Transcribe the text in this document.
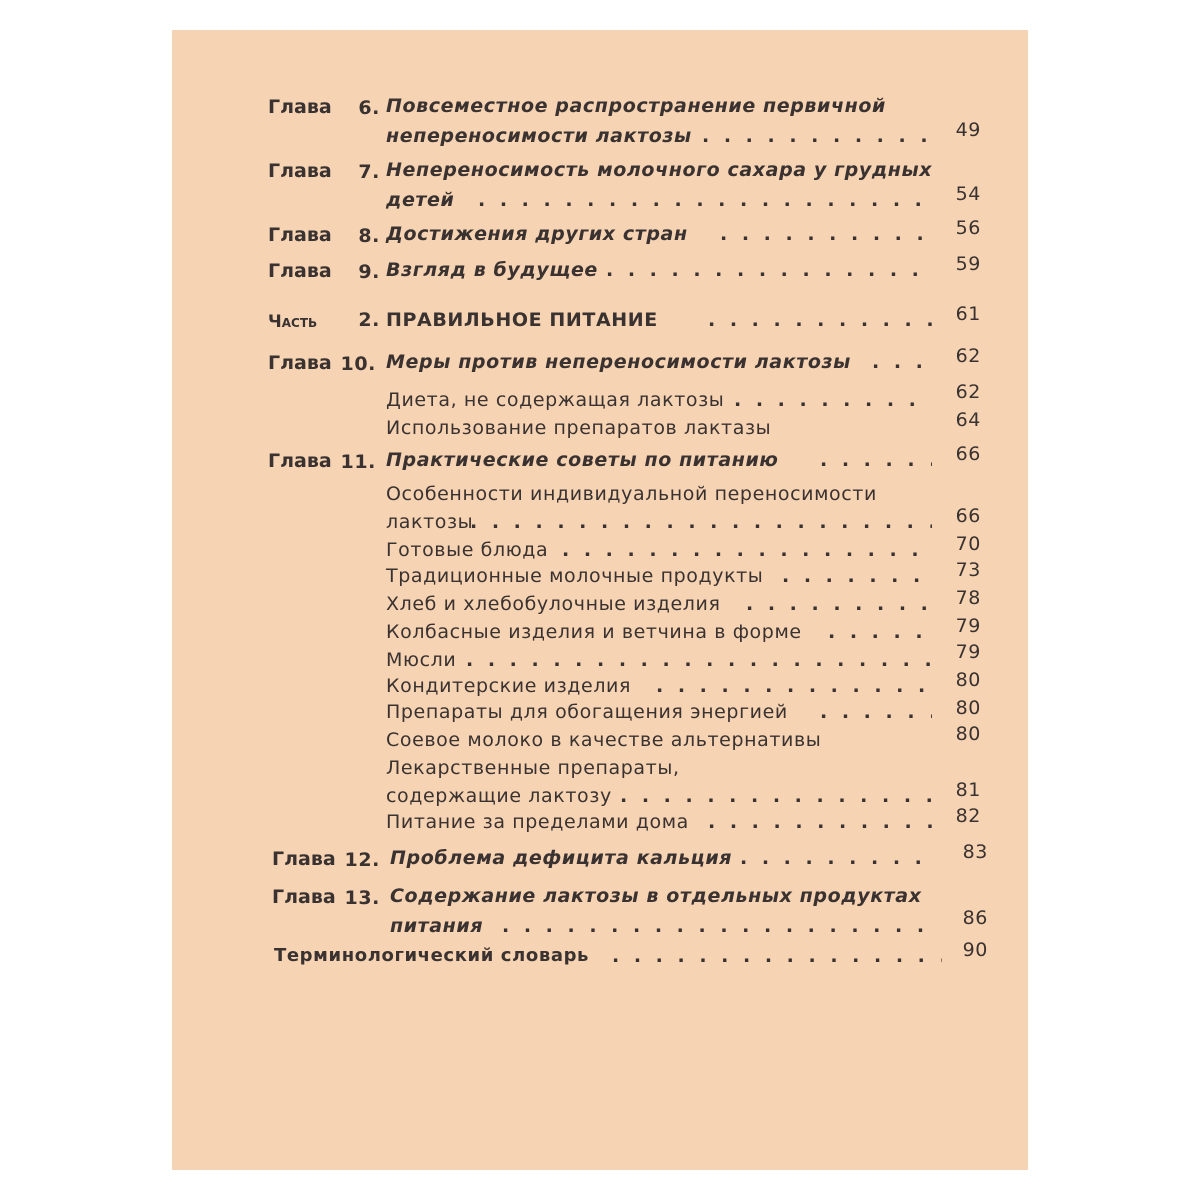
Глава	6. Повсеместное распространение первичной
непереносимости лактозы . . .	49
Глава	7. Непереносимость молочного сахара у грудных
детей . . .	54
Глава	8. Достижения других стран . . .	56
Глава	9. Взгляд в будущее . . .	59
Часть	2. ПРАВИЛЬНОЕ ПИТАНИЕ . . .	61
Глава 10. Меры против непереносимости лактозы . . .	62
Диета, не содержащая лактозы . . .	62
Использование препаратов лактазы	64
Глава 11. Практические советы по питанию . . .	66
Особенности индивидуальной переносимости
лактозы . . .	66
Готовые блюда . . .	70
Традиционные молочные продукты . . .	73
Хлеб и хлебобулочные изделия . . .	78
Колбасные изделия и ветчина в форме . . .	79
Мюсли . . .	79
Кондитерские изделия . . .	80
Препараты для обогащения энергией . . .	80
Соевое молоко в качестве альтернативы	80
Лекарственные препараты,
содержащие лактозу . . .	81
Питание за пределами дома . . .	82
Глава 12. Проблема дефицита кальция . . .	83
Глава 13. Содержание лактозы в отдельных продуктах
питания . . .	86
Терминологический словарь . . .	90
